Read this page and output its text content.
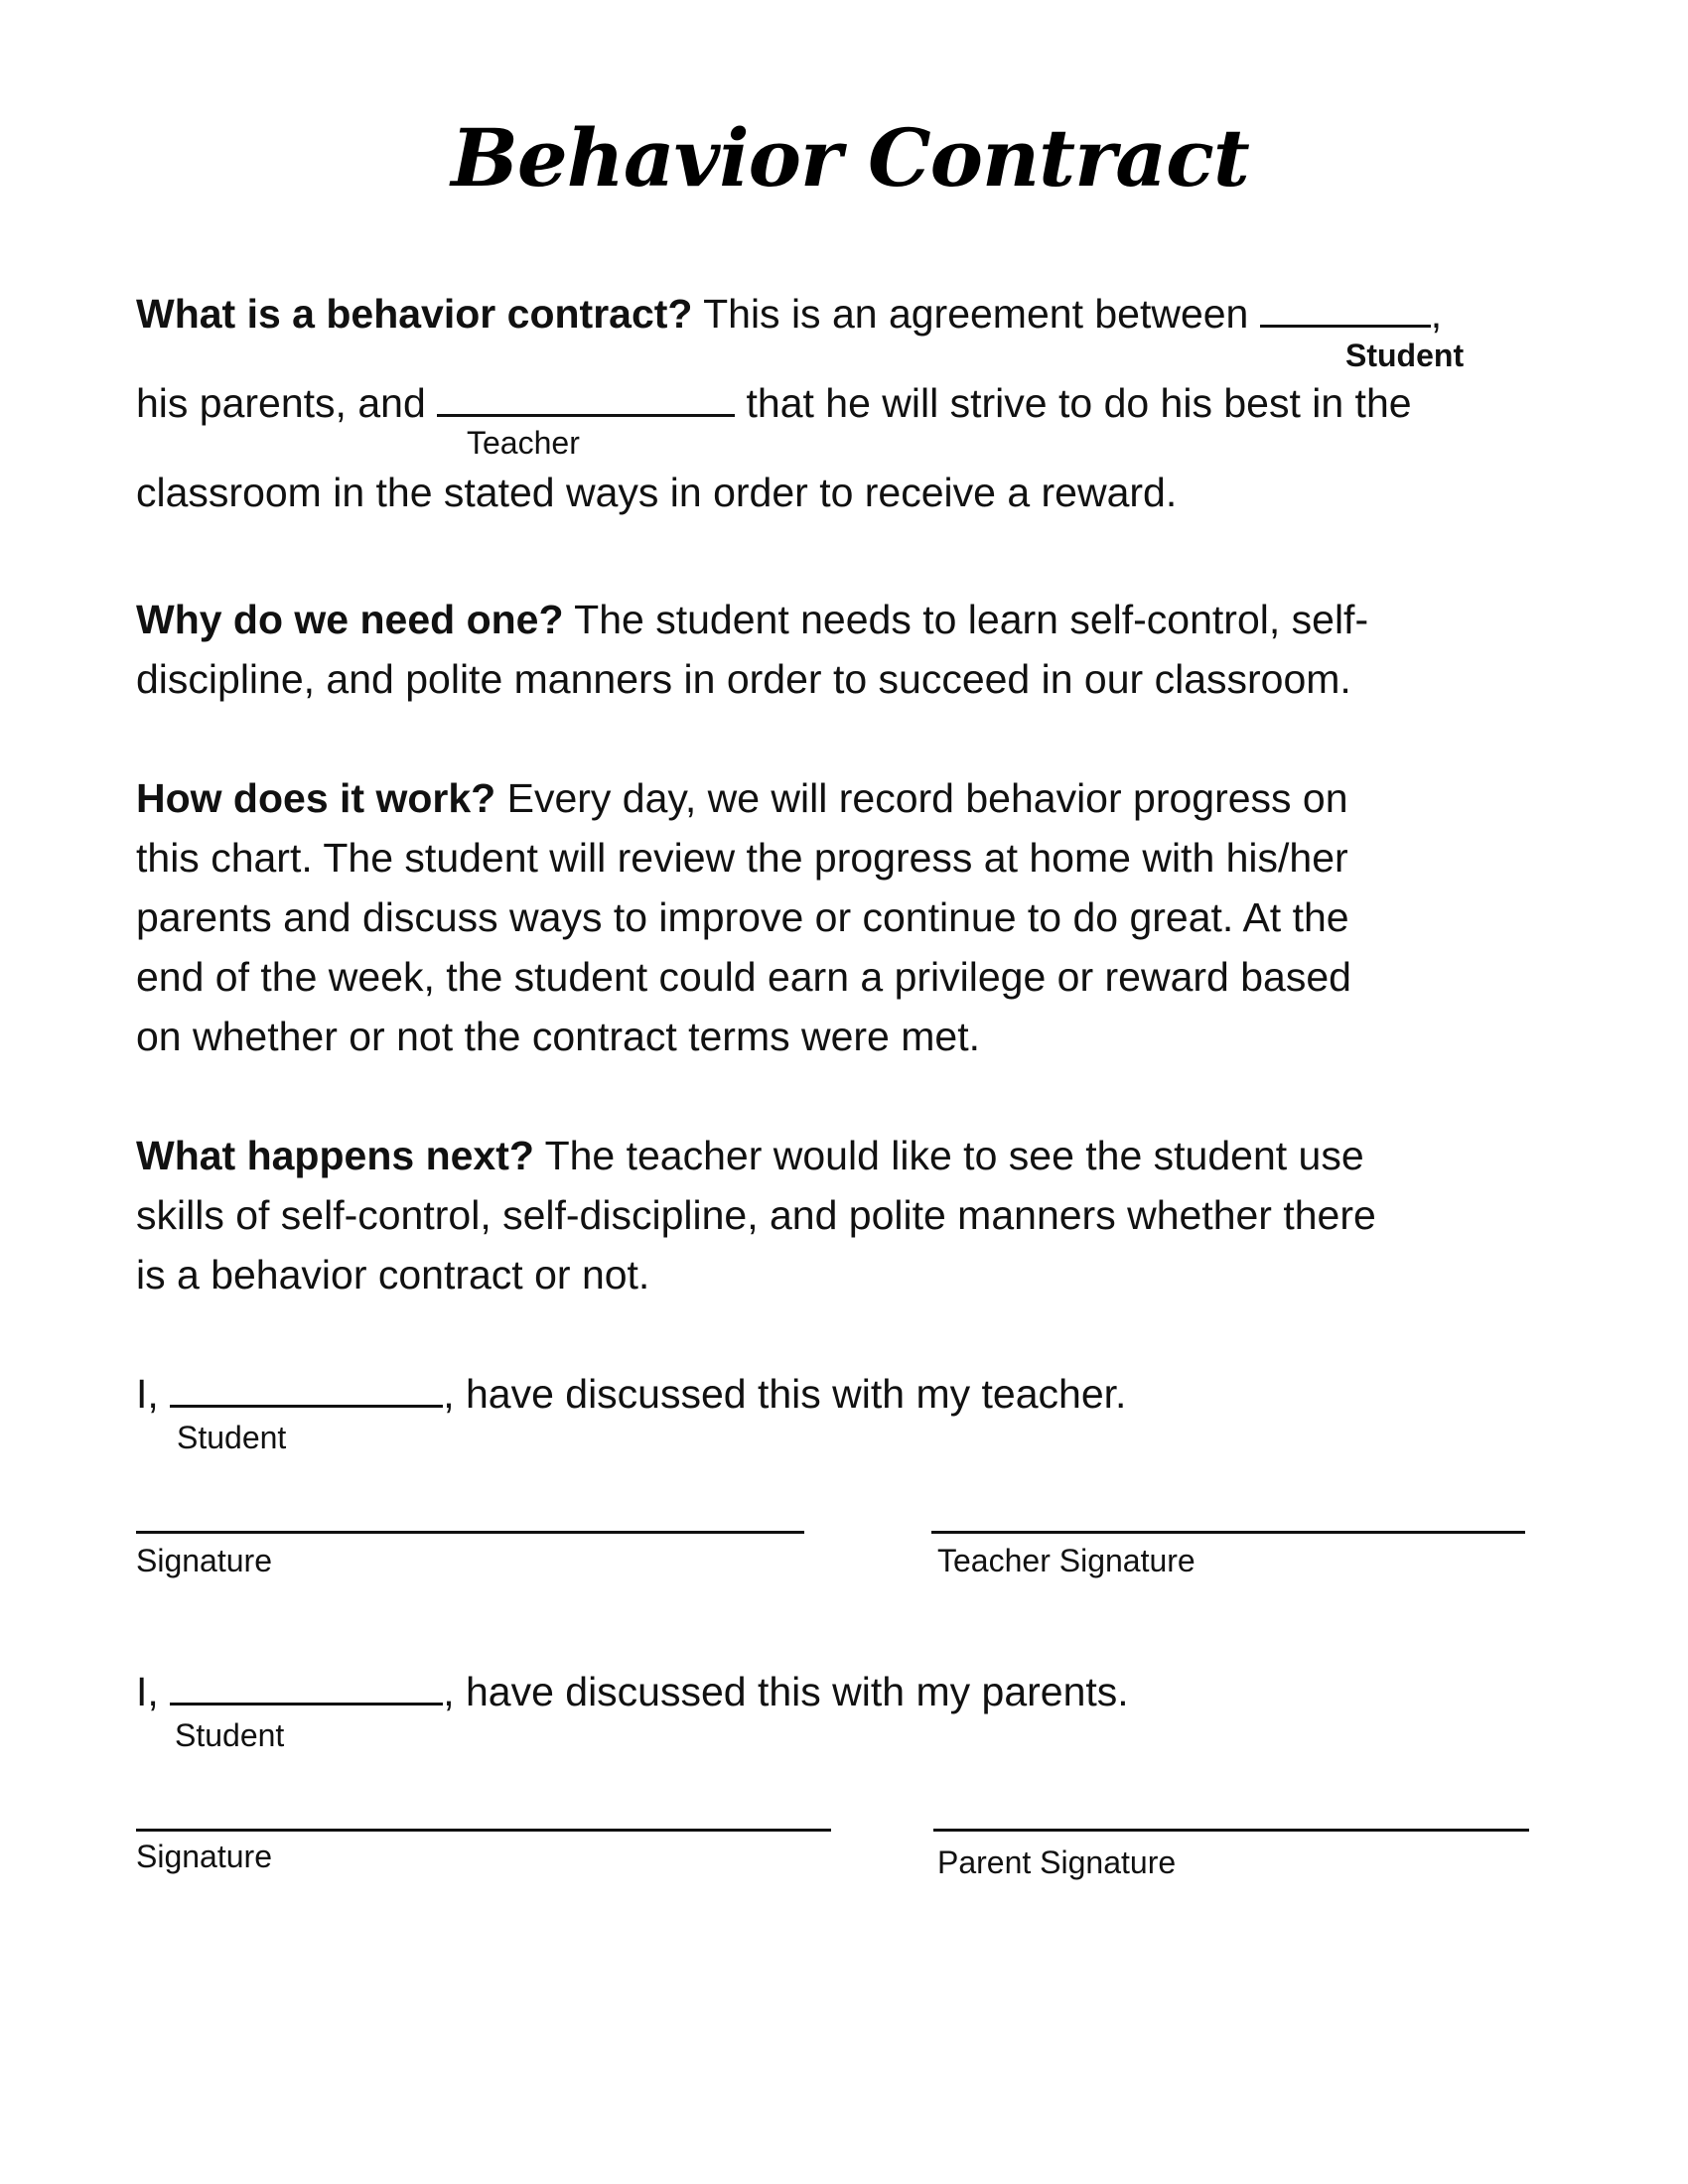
Behavior Contract
What is a behavior contract? This is an agreement between	,
Student
his parents, and	that he will strive to do his best in the
Teacher
classroom in the stated ways in order to receive a reward.
Why do we need one? The student needs to learn self-control, self-
discipline, and polite manners in order to succeed in our classroom.
How does it work? Every day, we will record behavior progress on
this chart. The student will review the progress at home with his/her
parents and discuss ways to improve or continue to do great. At the
end of the week, the student could earn a privilege or reward based
on whether or not the contract terms were met.
What happens next? The teacher would like to see the student use
skills of self-control, self-discipline, and polite manners whether there
is a behavior contract or not.
I,	, have discussed this with my teacher.
Student
Signature	Teacher Signature
I,	, have discussed this with my parents.
Student
Signature	Parent Signature
